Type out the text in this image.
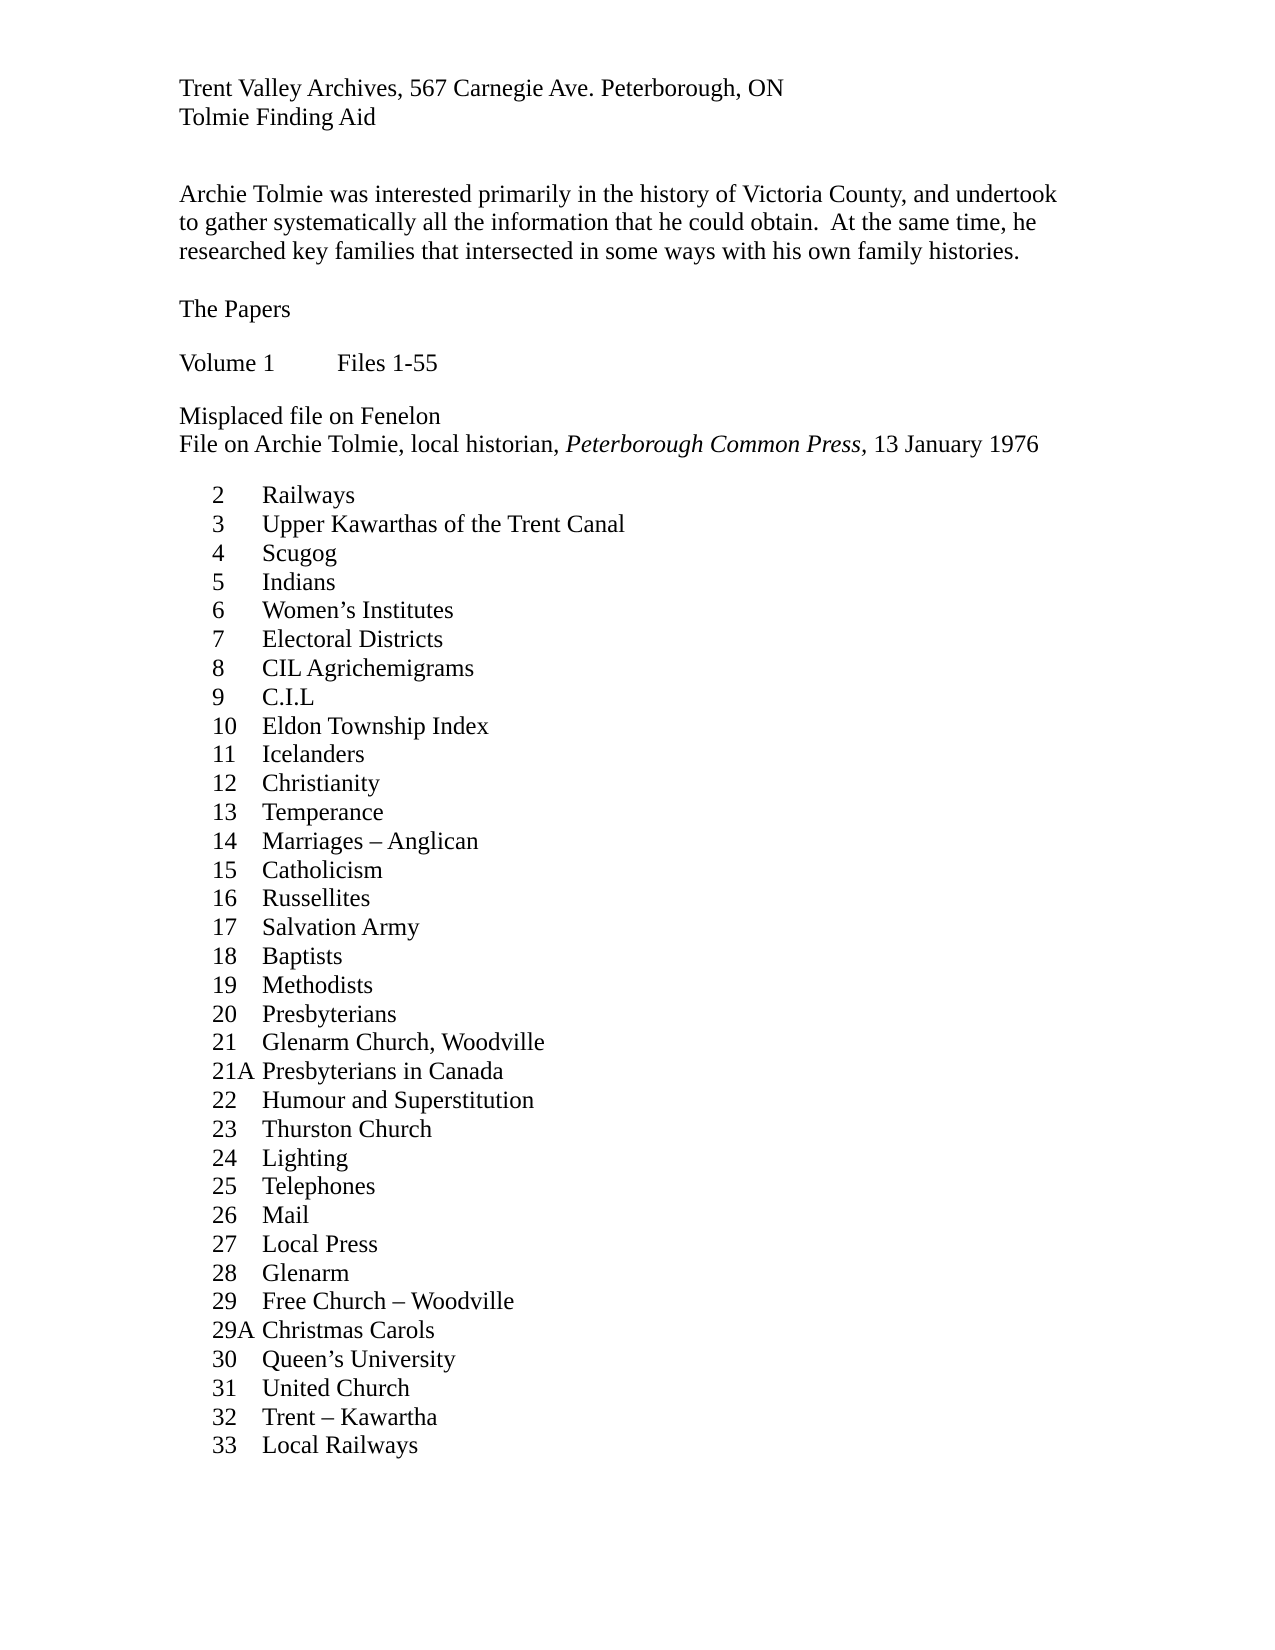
Trent Valley Archives, 567 Carnegie Ave. Peterborough, ON
Tolmie Finding Aid
Archie Tolmie was interested primarily in the history of Victoria County, and undertook
to gather systematically all the information that he could obtain.  At the same time, he
researched key families that intersected in some ways with his own family histories.
The Papers
Volume 1 Files 1-55
Misplaced file on Fenelon
File on Archie Tolmie, local historian, Peterborough Common Press, 13 January 1976
2 Railways
3 Upper Kawarthas of the Trent Canal
4 Scugog
5 Indians
6 Women’s Institutes
7 Electoral Districts
8 CIL Agrichemigrams
9 C.I.L
10 Eldon Township Index
11 Icelanders
12 Christianity
13 Temperance
14 Marriages – Anglican
15 Catholicism
16 Russellites
17 Salvation Army
18 Baptists
19 Methodists
20 Presbyterians
21 Glenarm Church, Woodville
21A Presbyterians in Canada
22 Humour and Superstitution
23 Thurston Church
24 Lighting
25 Telephones
26 Mail
27 Local Press
28 Glenarm
29 Free Church – Woodville
29A Christmas Carols
30 Queen’s University
31 United Church
32 Trent – Kawartha
33 Local Railways
